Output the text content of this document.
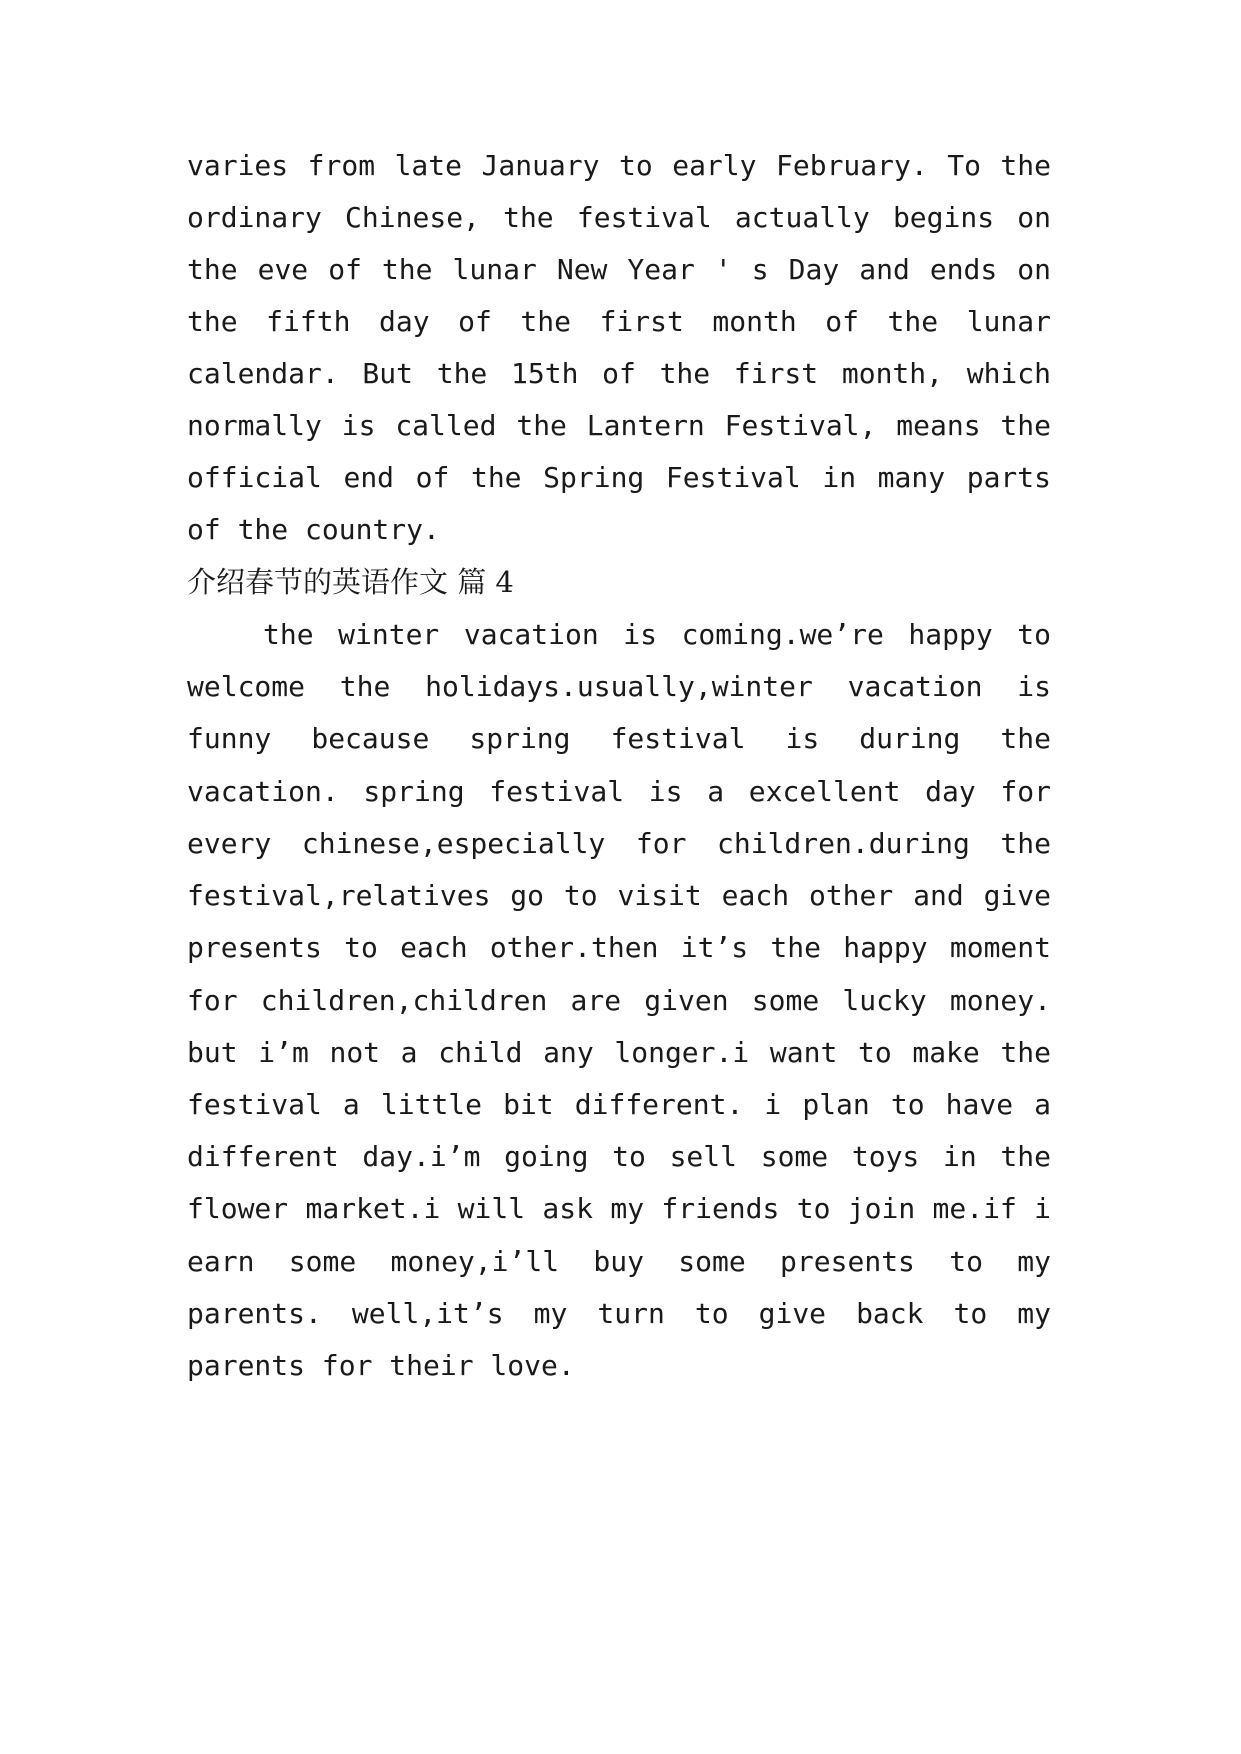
varies from late January to early February. To the
ordinary Chinese, the festival actually begins on
the eve of the lunar New Year ' s Day and ends on
the fifth day of the first month of the lunar
calendar. But the 15th of the first month, which
normally is called the Lantern Festival, means the
official end of the Spring Festival in many parts
of the country.
介绍春节的英语作文 篇 4
the winter vacation is coming.we’re happy to
welcome the holidays.usually,winter vacation is
funny because spring festival is during the
vacation. spring festival is a excellent day for
every chinese,especially for children.during the
festival,relatives go to visit each other and give
presents to each other.then it’s the happy moment
for children,children are given some lucky money.
but i’m not a child any longer.i want to make the
festival a little bit different. i plan to have a
different day.i’m going to sell some toys in the
flower market.i will ask my friends to join me.if i
earn some money,i’ll buy some presents to my
parents. well,it’s my turn to give back to my
parents for their love.
